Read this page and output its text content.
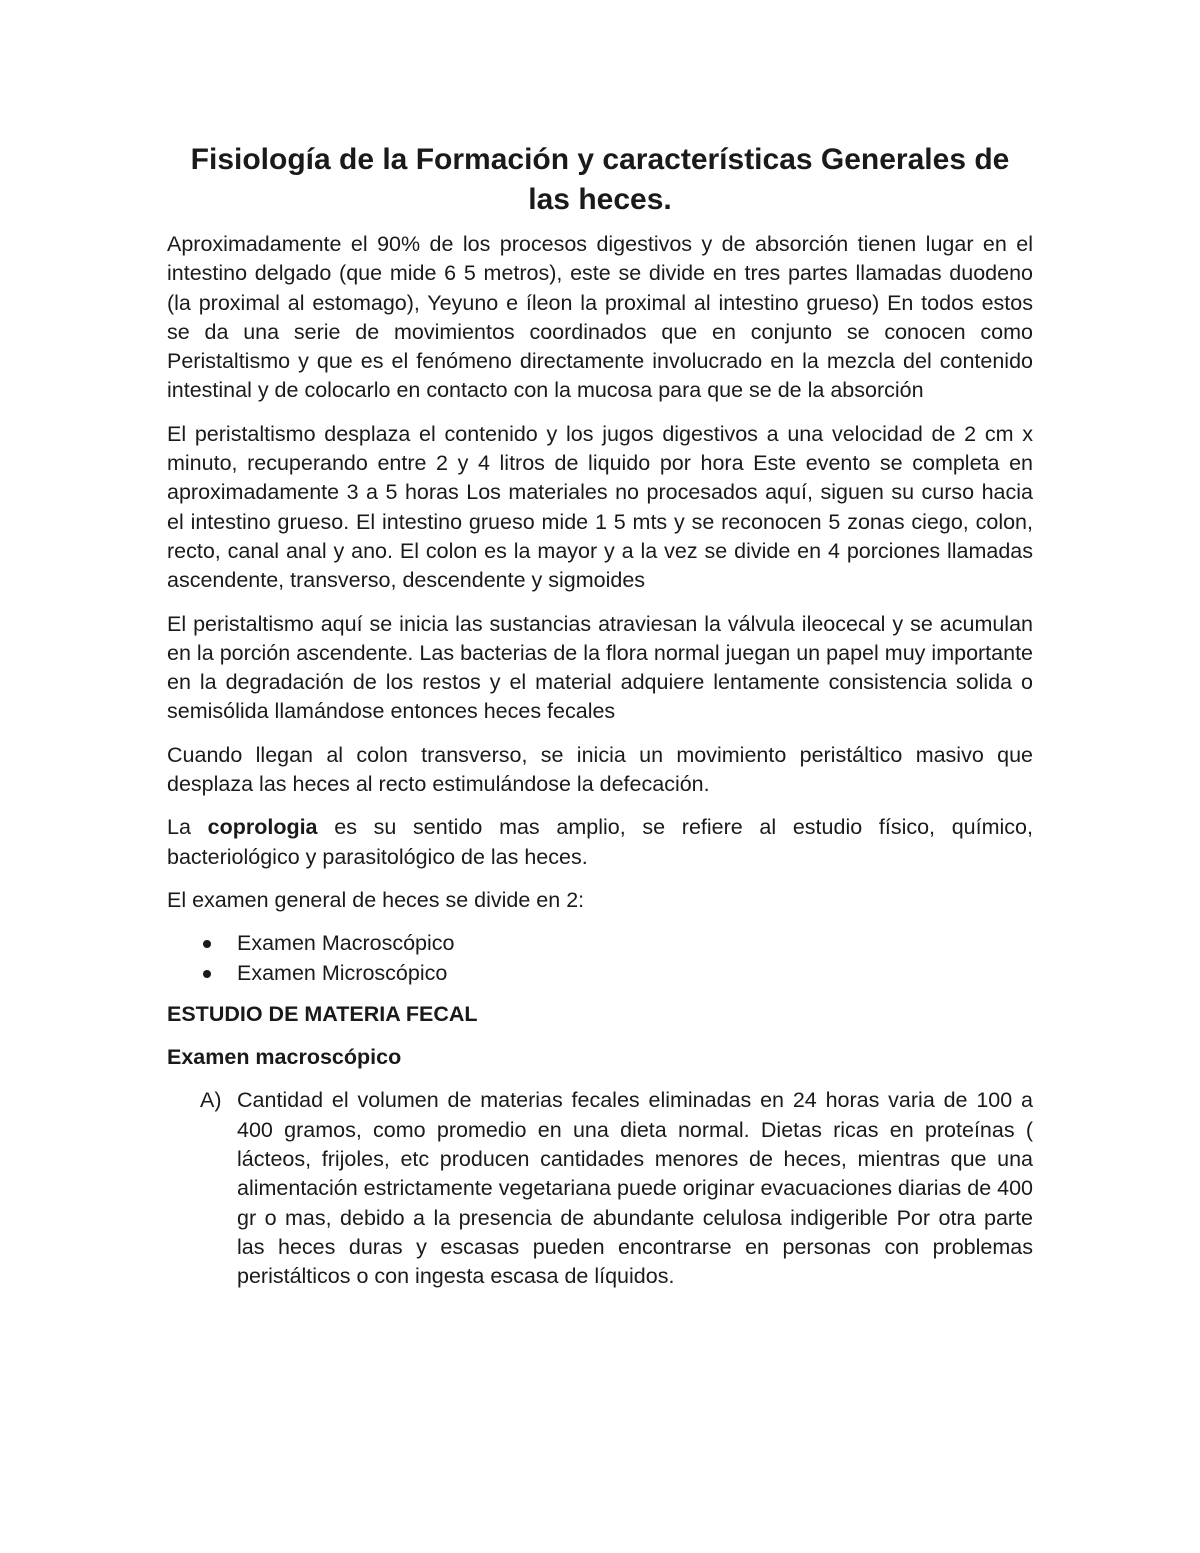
Fisiología de la Formación y características Generales de las heces.

Aproximadamente el 90% de los procesos digestivos y de absorción tienen lugar en el intestino delgado (que mide 6 5 metros), este se divide en tres partes llamadas duodeno (la proximal al estomago), Yeyuno e íleon la proximal al intestino grueso) En todos estos se da una serie de movimientos coordinados que en conjunto se conocen como Peristaltismo y que es el fenómeno directamente involucrado en la mezcla del contenido intestinal y de colocarlo en contacto con la mucosa para que se de la absorción

El peristaltismo desplaza el contenido y los jugos digestivos a una velocidad de 2 cm x minuto, recuperando entre 2 y 4 litros de liquido por hora Este evento se completa en aproximadamente 3 a 5 horas Los materiales no procesados aquí, siguen su curso hacia el intestino grueso. El intestino grueso mide 1 5 mts y se reconocen 5 zonas ciego, colon, recto, canal anal y ano. El colon es la mayor y a la vez se divide en 4 porciones llamadas ascendente, transverso, descendente y sigmoides

El peristaltismo aquí se inicia las sustancias atraviesan la válvula ileocecal y se acumulan en la porción ascendente. Las bacterias de la flora normal juegan un papel muy importante en la degradación de los restos y el material adquiere lentamente consistencia solida o semisólida llamándose entonces heces fecales

Cuando llegan al colon transverso, se inicia un movimiento peristáltico masivo que desplaza las heces al recto estimulándose la defecación.

La coprologia es su sentido mas amplio, se refiere al estudio físico, químico, bacteriológico y parasitológico de las heces.

El examen general de heces se divide en 2:

Examen Macroscópico
Examen Microscópico

ESTUDIO DE MATERIA FECAL

Examen macroscópico

A) Cantidad el volumen de materias fecales eliminadas en 24 horas varia de 100 a 400 gramos, como promedio en una dieta normal. Dietas ricas en proteínas ( lácteos, frijoles, etc producen cantidades menores de heces, mientras que una alimentación estrictamente vegetariana puede originar evacuaciones diarias de 400 gr o mas, debido a la presencia de abundante celulosa indigerible Por otra parte las heces duras y escasas pueden encontrarse en personas con problemas peristálticos o con ingesta escasa de líquidos.
